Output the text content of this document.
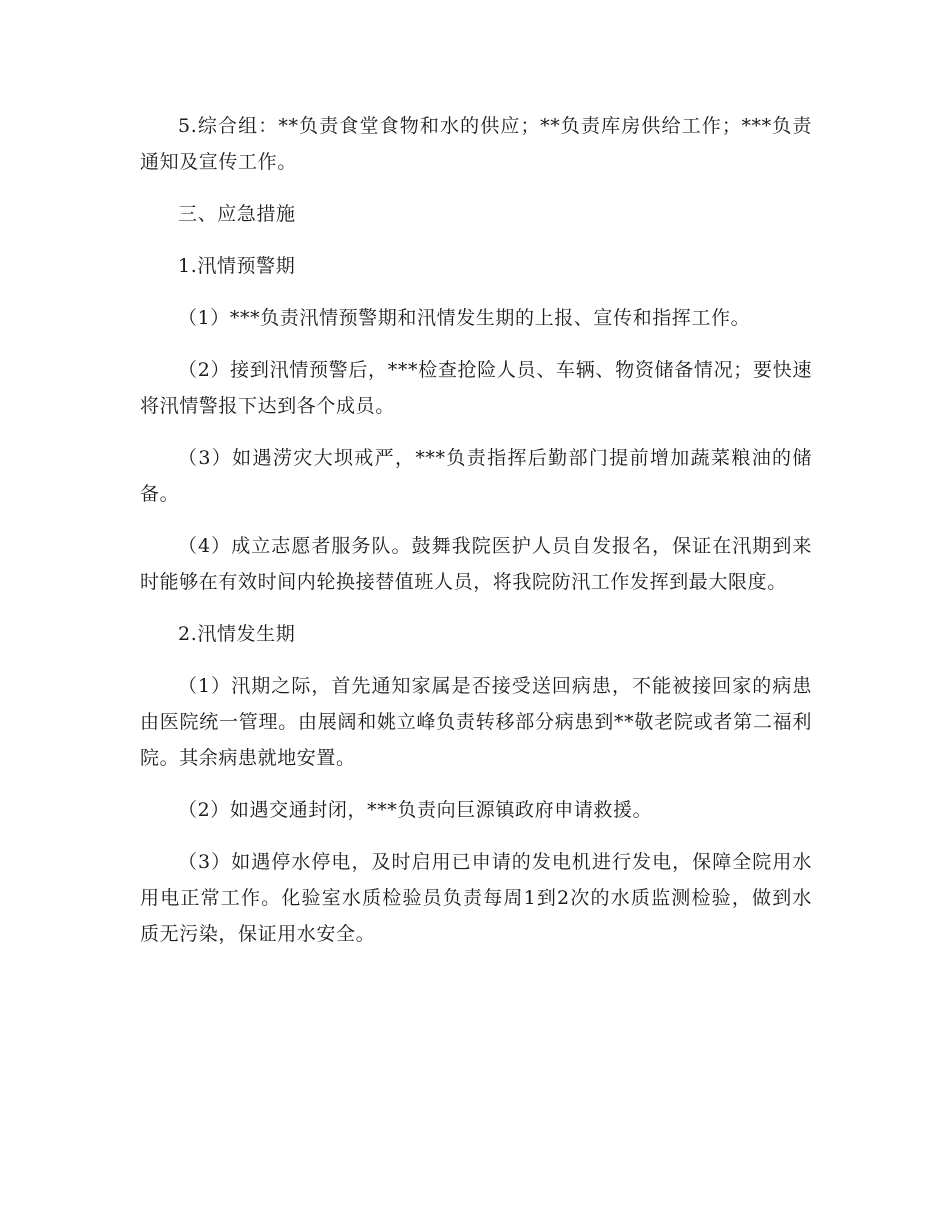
5.综合组：**负责食堂食物和水的供应；**负责库房供给工作；***负责通知及宣传工作。

三、应急措施

1.汛情预警期

（1）***负责汛情预警期和汛情发生期的上报、宣传和指挥工作。

（2）接到汛情预警后，***检查抢险人员、车辆、物资储备情况；要快速将汛情警报下达到各个成员。

（3）如遇涝灾大坝戒严，***负责指挥后勤部门提前增加蔬菜粮油的储备。

（4）成立志愿者服务队。鼓舞我院医护人员自发报名，保证在汛期到来时能够在有效时间内轮换接替值班人员，将我院防汛工作发挥到最大限度。

2.汛情发生期

（1）汛期之际，首先通知家属是否接受送回病患，不能被接回家的病患由医院统一管理。由展阔和姚立峰负责转移部分病患到**敬老院或者第二福利院。其余病患就地安置。

（2）如遇交通封闭，***负责向巨源镇政府申请救援。

（3）如遇停水停电，及时启用已申请的发电机进行发电，保障全院用水用电正常工作。化验室水质检验员负责每周1到2次的水质监测检验，做到水质无污染，保证用水安全。
